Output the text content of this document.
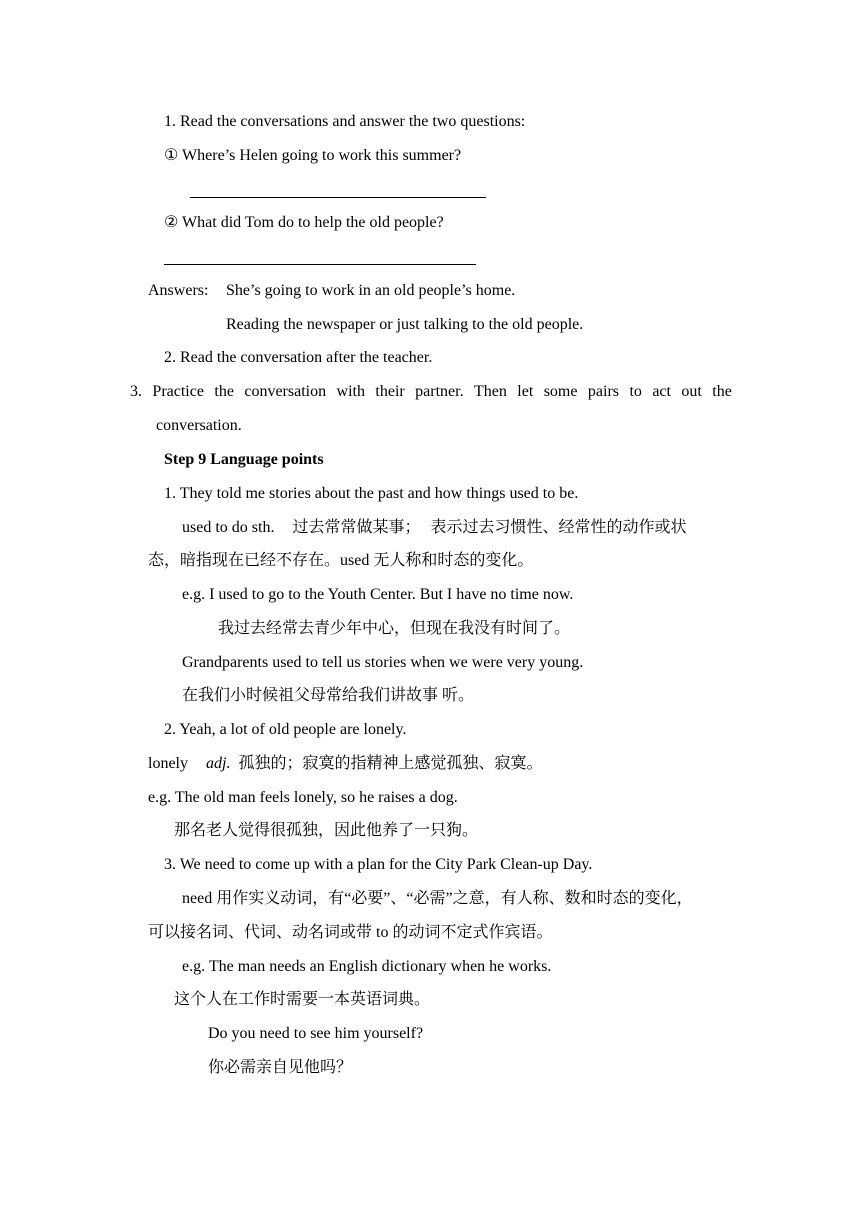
1. Read the conversations and answer the two questions:
① Where’s Helen going to work this summer?
② What did Tom do to help the old people?
Answers: She’s going to work in an old people’s home.
Reading the newspaper or just talking to the old people.
2. Read the conversation after the teacher.
3. Practice the conversation with their partner. Then let some pairs to act out the
conversation.
Step 9 Language points
1. They told me stories about the past and how things used to be.
used to do sth. 过去常常做某事； 表示过去习惯性、经常性的动作或状
态，暗指现在已经不存在。used 无人称和时态的变化。
e.g. I used to go to the Youth Center. But I have no time now.
我过去经常去青少年中心，但现在我没有时间了。
Grandparents used to tell us stories when we were very young.
在我们小时候祖父母常给我们讲故事 听。
2. Yeah, a lot of old people are lonely.
lonely adj. 孤独的；寂寞的指精神上感觉孤独、寂寞。
e.g. The old man feels lonely, so he raises a dog.
那名老人觉得很孤独，因此他养了一只狗。
3. We need to come up with a plan for the City Park Clean-up Day.
need 用作实义动词，有“必要”、“必需”之意，有人称、数和时态的变化，
可以接名词、代词、动名词或带 to 的动词不定式作宾语。
e.g. The man needs an English dictionary when he works.
这个人在工作时需要一本英语词典。
Do you need to see him yourself?
你必需亲自见他吗？
